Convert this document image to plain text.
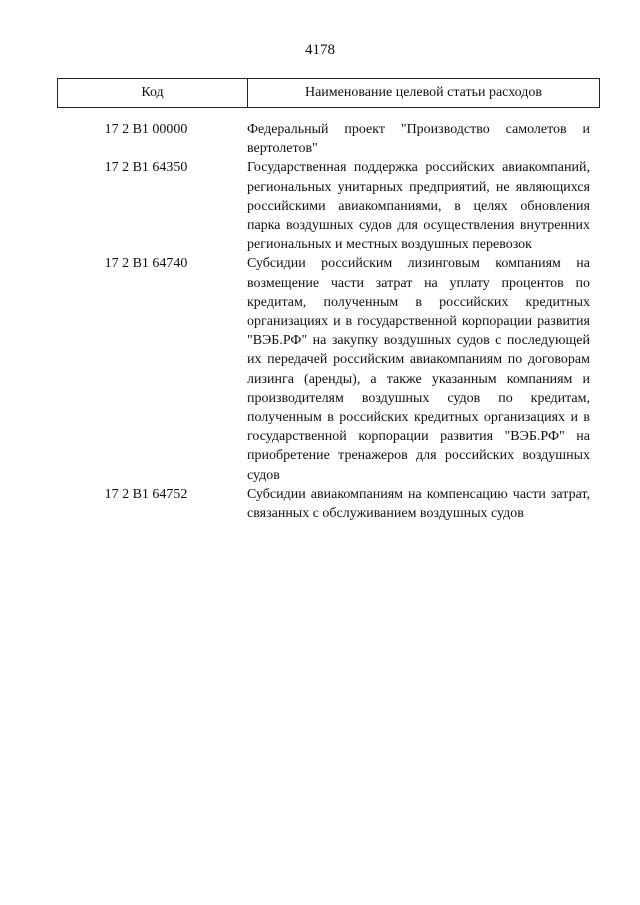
4178
Код	Наименование целевой статьи расходов
17 2 B1 00000	Федеральный проект "Производство самолетов и вертолетов"
17 2 B1 64350	Государственная поддержка российских авиакомпаний, региональных унитарных предприятий, не являющихся российскими авиакомпаниями, в целях обновления парка воздушных судов для осуществления внутренних региональных и местных воздушных перевозок
17 2 B1 64740	Субсидии российским лизинговым компаниям на возмещение части затрат на уплату процентов по кредитам, полученным в российских кредитных организациях и в государственной корпорации развития "ВЭБ.РФ" на закупку воздушных судов с последующей их передачей российским авиакомпаниям по договорам лизинга (аренды), а также указанным компаниям и производителям воздушных судов по кредитам, полученным в российских кредитных организациях и в государственной корпорации развития "ВЭБ.РФ" на приобретение тренажеров для российских воздушных судов
17 2 B1 64752	Субсидии авиакомпаниям на компенсацию части затрат, связанных с обслуживанием воздушных судов
